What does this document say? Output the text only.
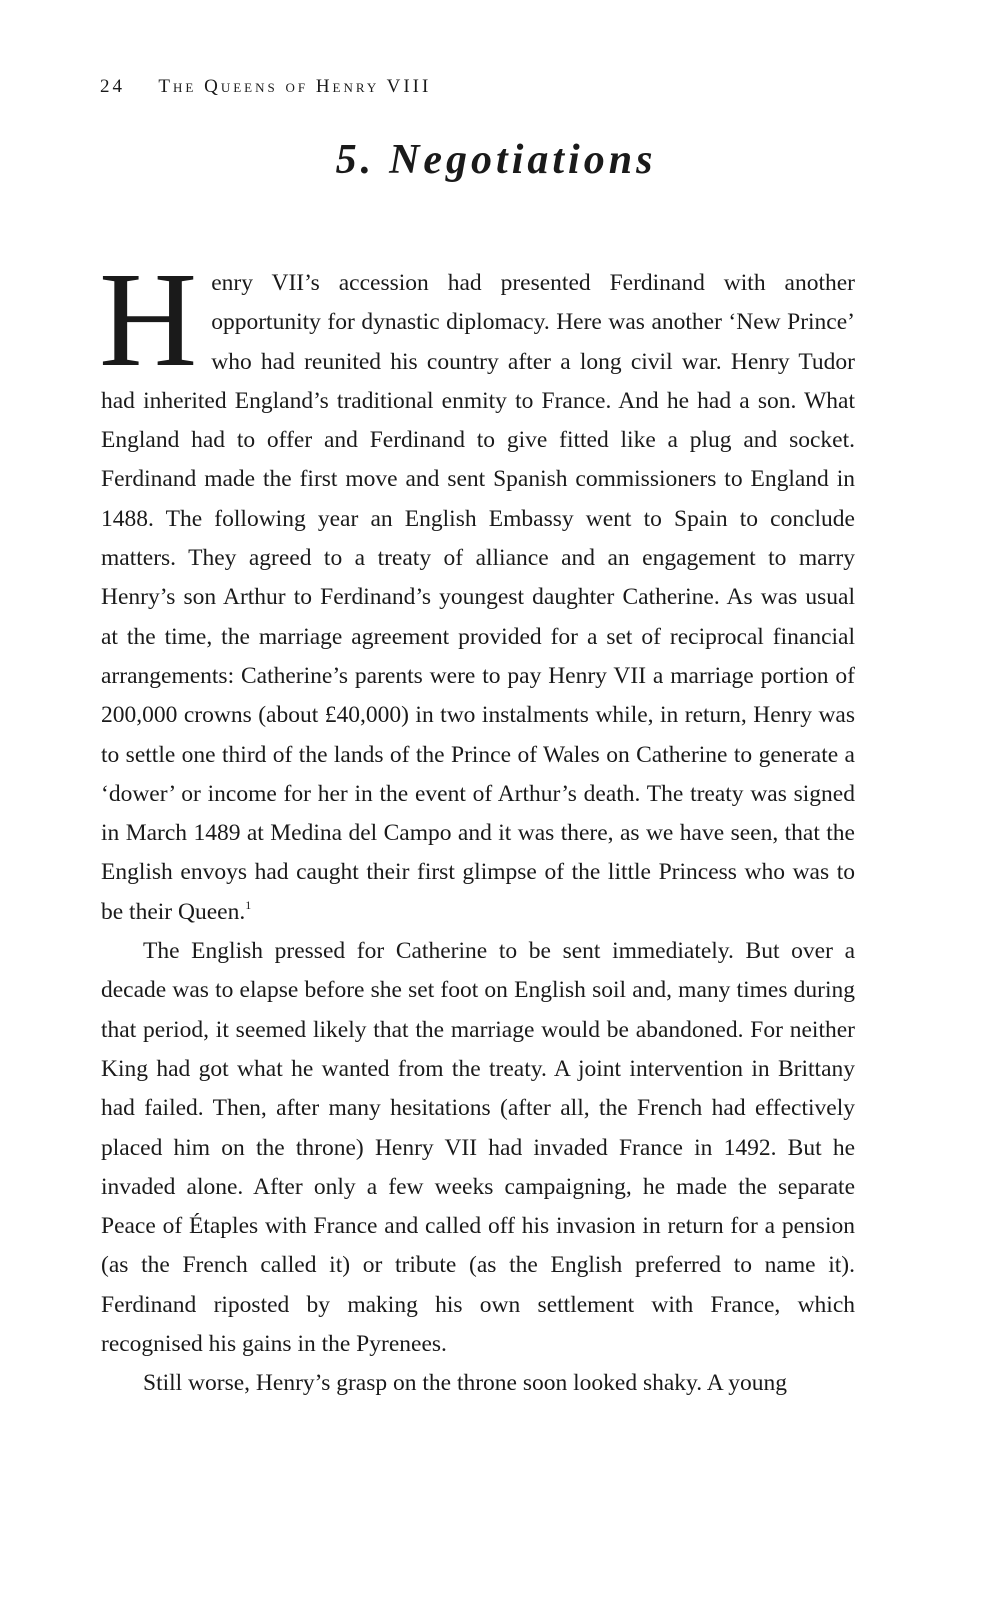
24 The Queens of Henry VIII
5. Negotiations

Henry VII’s accession had presented Ferdinand with another opportunity for dynastic diplomacy. Here was another ‘New Prince’ who had reunited his country after a long civil war. Henry Tudor had inherited England’s traditional enmity to France. And he had a son. What England had to offer and Ferdinand to give fitted like a plug and socket. Ferdinand made the first move and sent Spanish commissioners to England in 1488. The following year an English Embassy went to Spain to conclude matters. They agreed to a treaty of alliance and an engagement to marry Henry’s son Arthur to Ferdinand’s youngest daughter Catherine. As was usual at the time, the marriage agreement provided for a set of reciprocal financial arrangements: Catherine’s parents were to pay Henry VII a marriage portion of 200,000 crowns (about £40,000) in two instalments while, in return, Henry was to settle one third of the lands of the Prince of Wales on Catherine to generate a ‘dower’ or income for her in the event of Arthur’s death. The treaty was signed in March 1489 at Medina del Campo and it was there, as we have seen, that the English envoys had caught their first glimpse of the little Princess who was to be their Queen.$^1$

The English pressed for Catherine to be sent immediately. But over a decade was to elapse before she set foot on English soil and, many times during that period, it seemed likely that the marriage would be abandoned. For neither King had got what he wanted from the treaty. A joint intervention in Brittany had failed. Then, after many hesitations (after all, the French had effectively placed him on the throne) Henry VII had invaded France in 1492. But he invaded alone. After only a few weeks campaigning, he made the separate Peace of Étaples with France and called off his invasion in return for a pension (as the French called it) or tribute (as the English preferred to name it). Ferdinand riposted by making his own settlement with France, which recognised his gains in the Pyrenees.

Still worse, Henry’s grasp on the throne soon looked shaky. A young
